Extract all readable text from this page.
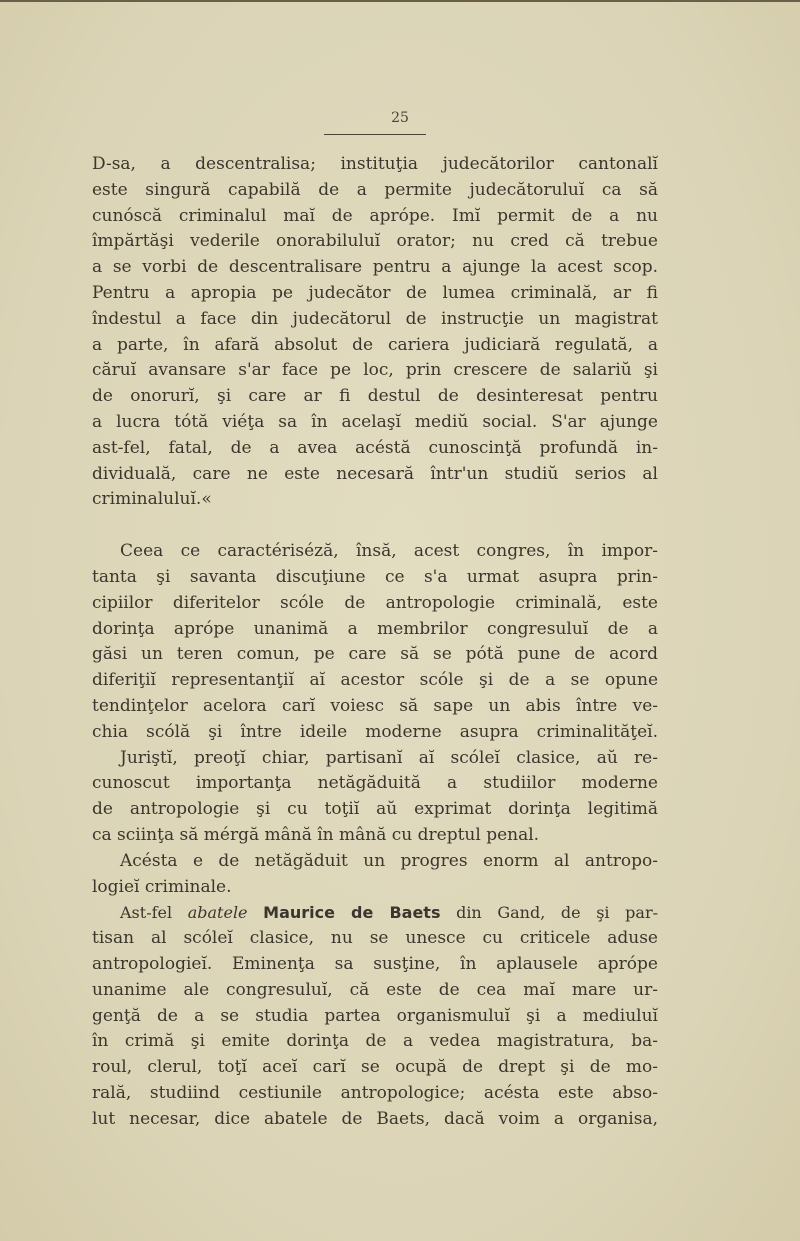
25
D-sa, a descentralisa; instituţia judecătorilor cantonalĭ
este singură capabilă de a permite judecătoruluĭ ca să
cunóscă criminalul maĭ de aprópe. Imĭ permit de a nu
împărtăşi vederile onorabiluluĭ orator; nu cred că trebue
a se vorbi de descentralisare pentru a ajunge la acest scop.
Pentru a apropia pe judecător de lumea criminală, ar fi
îndestul a face din judecătorul de instrucţie un magistrat
a parte, în afară absolut de cariera judiciară regulată, a
căruĭ avansare s'ar face pe loc, prin crescere de salariŭ şi
de onorurĭ, şi care ar fi destul de desinteresat pentru
a lucra tótă viéţa sa în acelaşĭ mediŭ social. S'ar ajunge
ast-fel, fatal, de a avea acéstă cunoscinţă profundă in-
dividuală, care ne este necesară într'un studiŭ serios al
criminaluluĭ.«
Ceea ce caractériséză, însă, acest congres, în impor-
tanta şi savanta discuţiune ce s'a urmat asupra prin-
cipiilor diferitelor scóle de antropologie criminală, este
dorinţa aprópe unanimă a membrilor congresuluĭ de a
găsi un teren comun, pe care să se pótă pune de acord
diferiţiĭ representanţiĭ aĭ acestor scóle şi de a se opune
tendinţelor acelora carĭ voiesc să sape un abis între ve-
chia scólă şi între ideile moderne asupra criminalităţeĭ.
Juriştĭ, preoţĭ chiar, partisanĭ aĭ scóleĭ clasice, aŭ re-
cunoscut importanţa netăgăduită a studiilor moderne
de antropologie şi cu toţiĭ aŭ exprimat dorinţa legitimă
ca sciinţa să mérgă mână în mână cu dreptul penal.
Acésta e de netăgăduit un progres enorm al antropo-
logieĭ criminale.
Ast-fel abatele Maurice de Baets din Gand, de şi par-
tisan al scóleĭ clasice, nu se unesce cu criticele aduse
antropologieĭ. Eminenţa sa susţine, în aplausele aprópe
unanime ale congresuluĭ, că este de cea maĭ mare ur-
genţă de a se studia partea organismuluĭ şi a mediuluĭ
în crimă şi emite dorinţa de a vedea magistratura, ba-
roul, clerul, toţĭ aceĭ carĭ se ocupă de drept şi de mo-
rală, studiind cestiunile antropologice; acésta este abso-
lut necesar, dice abatele de Baets, dacă voim a organisa,
